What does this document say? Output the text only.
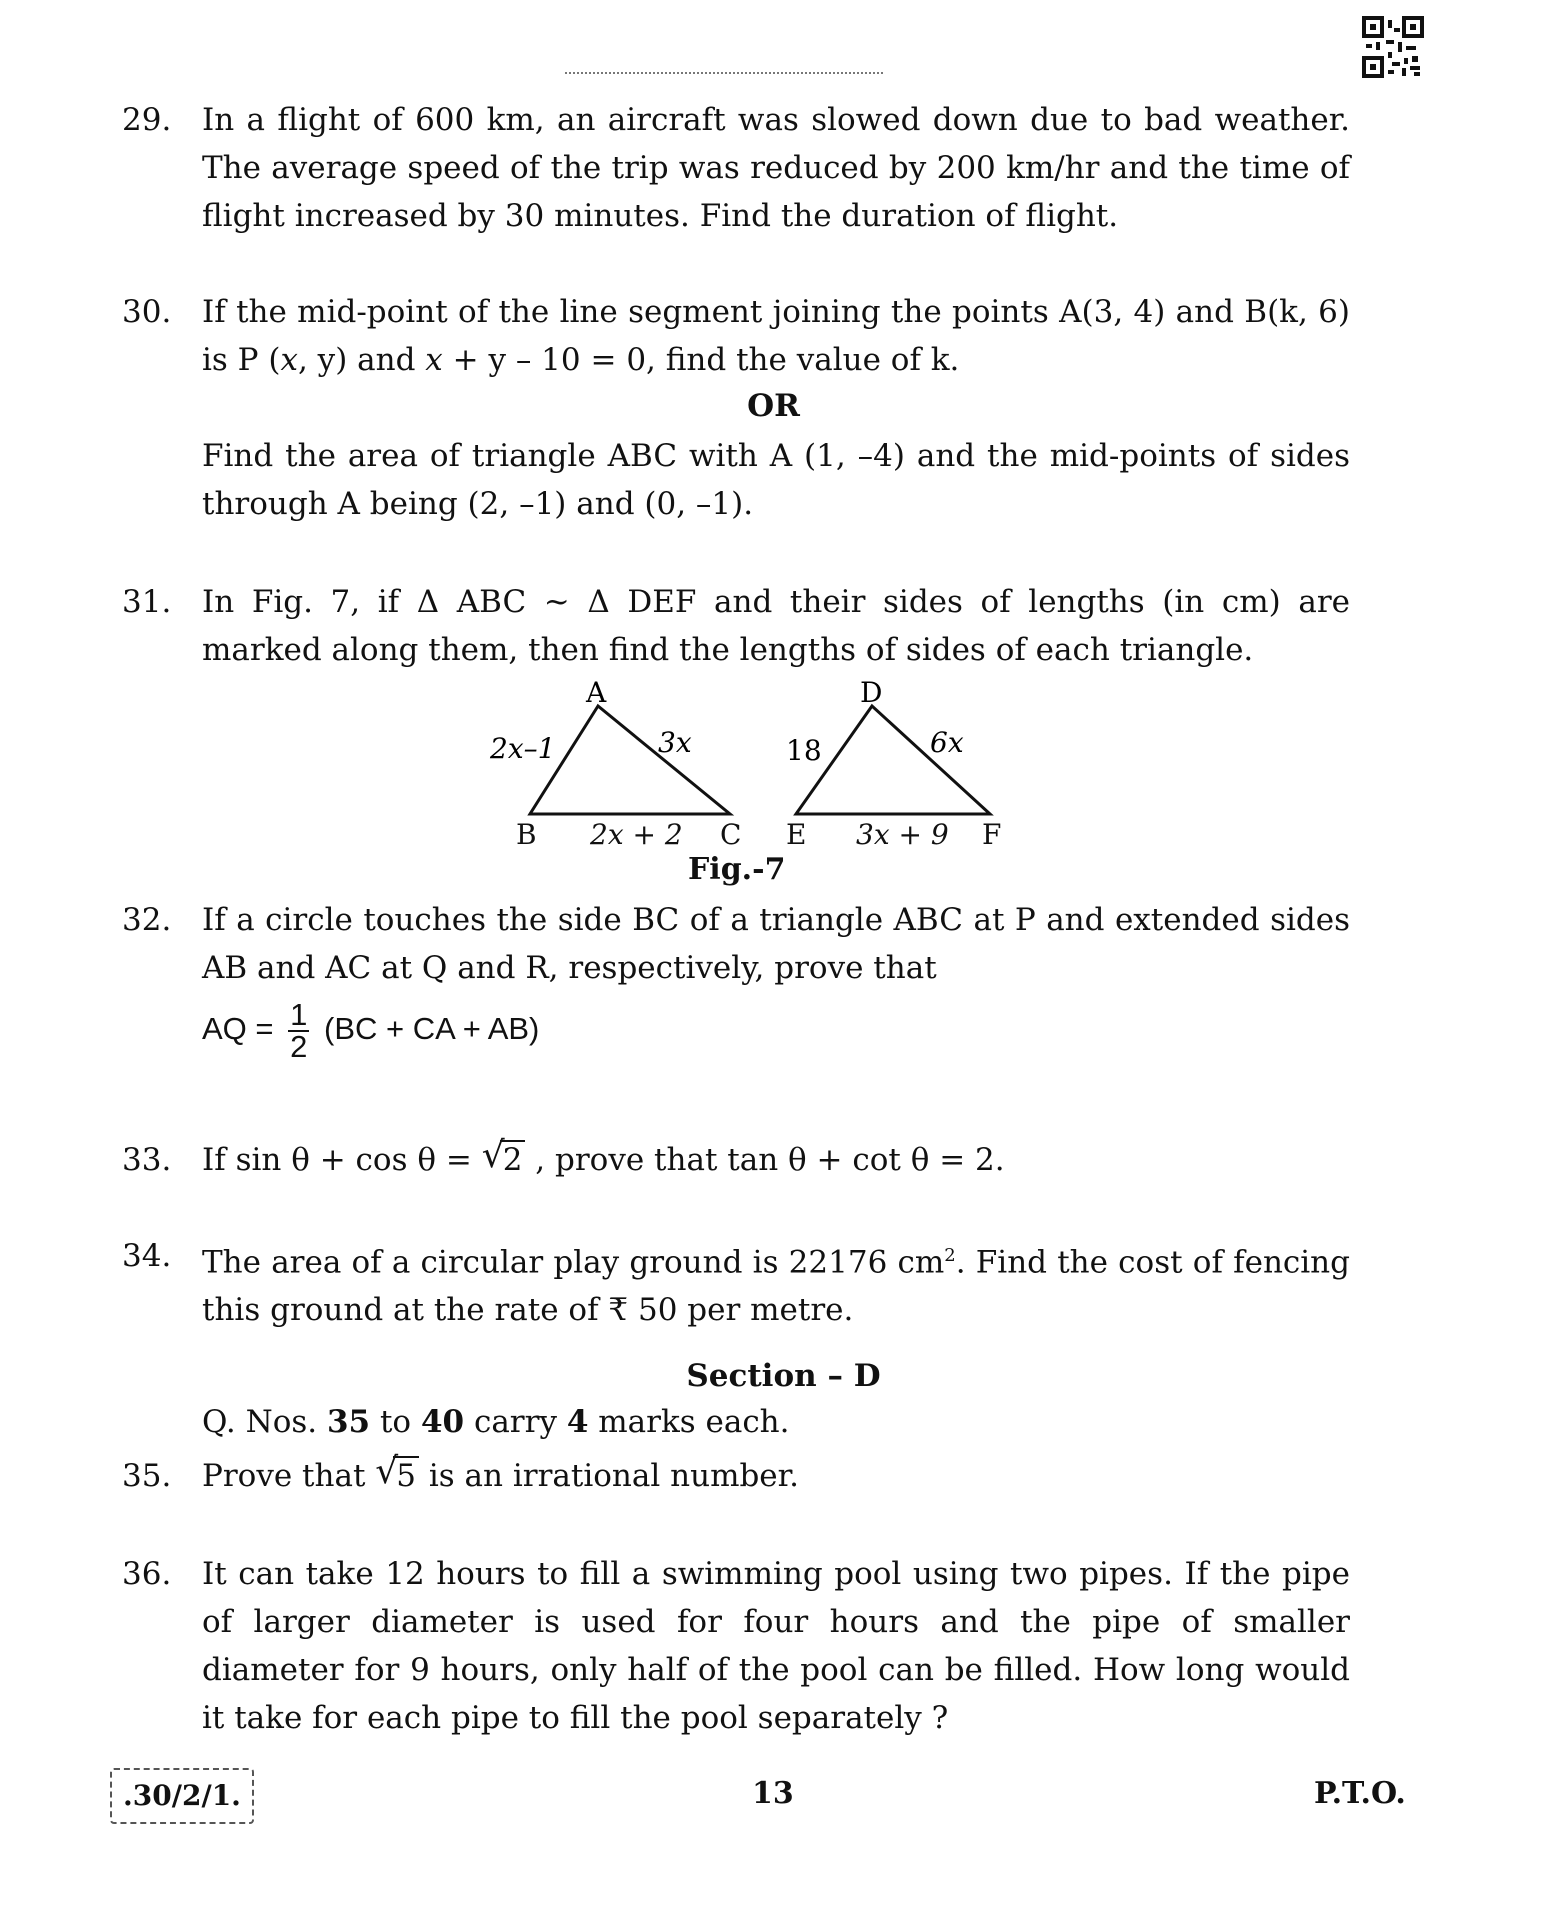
29. In a flight of 600 km, an aircraft was slowed down due to bad weather. The average speed of the trip was reduced by 200 km/hr and the time of flight increased by 30 minutes. Find the duration of flight.
30. If the mid-point of the line segment joining the points A(3, 4) and B(k, 6) is P (x, y) and x + y – 10 = 0, find the value of k.
OR
Find the area of triangle ABC with A (1, –4) and the mid-points of sides through A being (2, –1) and (0, –1).
31. In Fig. 7, if Δ ABC ~ Δ DEF and their sides of lengths (in cm) are marked along them, then find the lengths of sides of each triangle.
A
2x–1	3x
D
18	6x
B 2x + 2 C E 3x + 9 F
Fig.-7
32. If a circle touches the side BC of a triangle ABC at P and extended sides AB and AC at Q and R, respectively, prove that
AQ = $\frac{1}{2} (BC$ + CA + AB)
33. If sin θ + cos θ = √
2 , prove that tan θ + cot θ = 2.
34. The area of a circular play ground is 22176 $cm^2$. Find the cost of fencing this ground at the rate of ₹ 50 per metre.
Section – D
Q. Nos. 35 to 40 carry 4 marks each.
35. Prove that √
5 is an irrational number.
36. It can take 12 hours to fill a swimming pool using two pipes. If the pipe of larger diameter is used for four hours and the pipe of smaller diameter for 9 hours, only half of the pool can be filled. How long would it take for each pipe to fill the pool separately ?
.30/2/1.	13	P.T.O.
